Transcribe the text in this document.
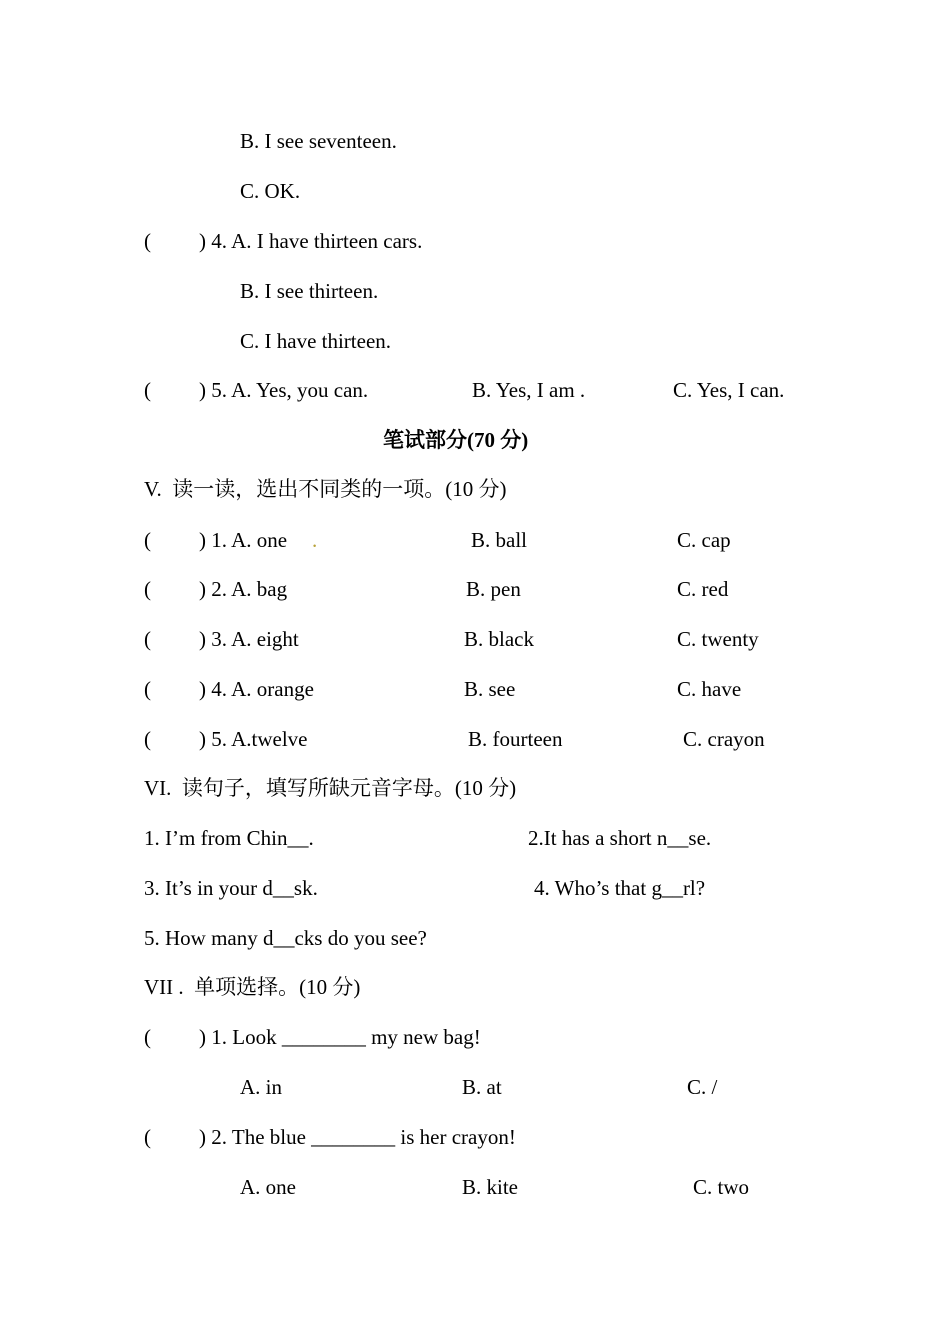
B. I see seventeen.
C. OK.
( ) 4. A. I have thirteen cars.
B. I see thirteen.
C. I have thirteen.
( ) 5. A. Yes, you can.	B. Yes, I am .	C. Yes, I can.
笔试部分(70 分)
V.  读一读，选出不同类的一项。(10 分)
( ) 1. A. one .	B. ball	C. cap
( ) 2. A. bag	B. pen	C. red
( ) 3. A. eight	B. black	C. twenty
( ) 4. A. orange	B. see	C. have
( ) 5. A.twelve	B. fourteen	C. crayon
VI.  读句子，填写所缺元音字母。(10 分)
1. I’m from Chin__.	2.It has a short n__se.
3. It’s in your d__sk.	4. Who’s that g__rl?
5. How many d__cks do you see?
VII .  单项选择。(10 分)
( ) 1. Look ________ my new bag!
A. in	B. at	C. /
( ) 2. The blue ________ is her crayon!
A. one	B. kite	C. two
